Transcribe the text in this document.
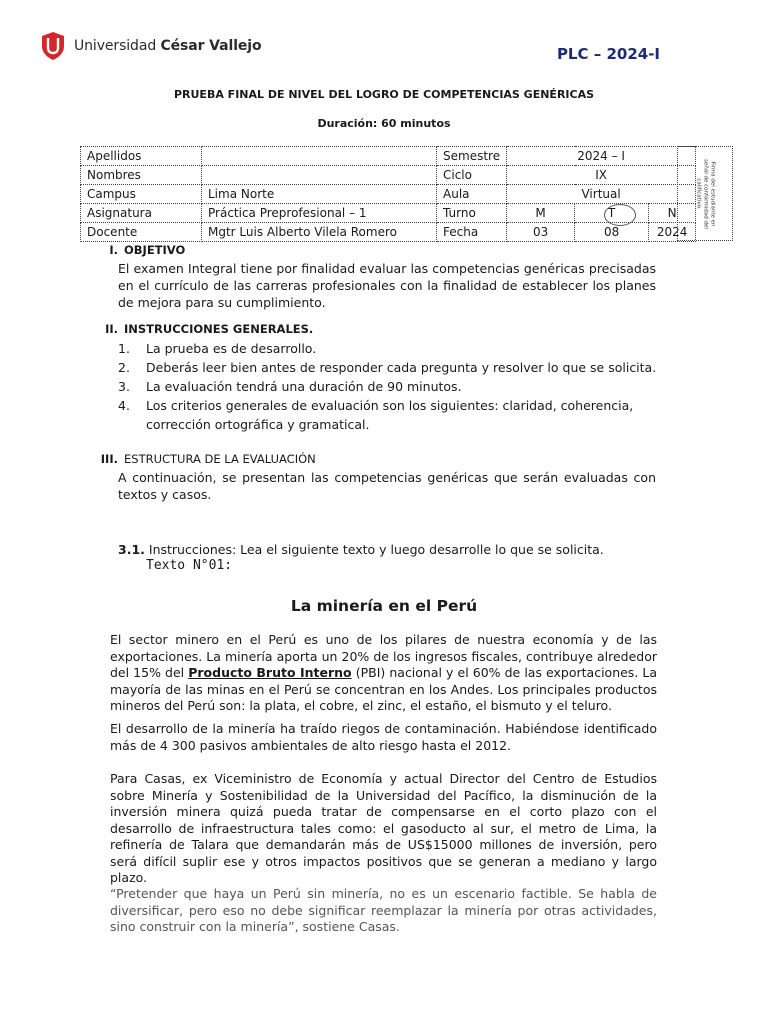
Universidad César Vallejo	PLC – 2024-I
PRUEBA FINAL DE NIVEL DEL LOGRO DE COMPETENCIAS GENÉRICAS
Duración: 60 minutos
Apellidos		Semestre	2024 – I		
Nombres		Ciclo	IX		
Campus	Lima Norte	Aula	Virtual		
Asignatura	Práctica Preprofesional – 1	Turno	M	T	N
Docente	Mgtr Luis Alberto Vilela Romero	Fecha	03	08	2024
Firma del estudiante en señal de conformidad del calificativo.
I. OBJETIVO
El examen Integral tiene por finalidad evaluar las competencias genéricas precisadas en el currículo de las carreras profesionales con la finalidad de establecer los planes de mejora para su cumplimiento.
II. INSTRUCCIONES GENERALES.
1. La prueba es de desarrollo.
2. Deberás leer bien antes de responder cada pregunta y resolver lo que se solicita.
3. La evaluación tendrá una duración de 90 minutos.
4. Los criterios generales de evaluación son los siguientes: claridad, coherencia, corrección ortográfica y gramatical.
III. ESTRUCTURA DE LA EVALUACIÓN
A continuación, se presentan las competencias genéricas que serán evaluadas con textos y casos.
3.1. Instrucciones: Lea el siguiente texto y luego desarrolle lo que se solicita.
Texto N°01:
La minería en el Perú
El sector minero en el Perú es uno de los pilares de nuestra economía y de las exportaciones. La minería aporta un 20% de los ingresos fiscales, contribuye alrededor del 15% del Producto Bruto Interno (PBI) nacional y el 60% de las exportaciones. La mayoría de las minas en el Perú se concentran en los Andes. Los principales productos mineros del Perú son: la plata, el cobre, el zinc, el estaño, el bismuto y el teluro.
El desarrollo de la minería ha traído riegos de contaminación. Habiéndose identificado más de 4 300 pasivos ambientales de alto riesgo hasta el 2012.
Para Casas, ex Viceministro de Economía y actual Director del Centro de Estudios sobre Minería y Sostenibilidad de la Universidad del Pacífico, la disminución de la inversión minera quizá pueda tratar de compensarse en el corto plazo con el desarrollo de infraestructura tales como: el gasoducto al sur, el metro de Lima, la refinería de Talara que demandarán más de US$15000 millones de inversión, pero será difícil suplir ese y otros impactos positivos que se generan a mediano y largo plazo.
“Pretender que haya un Perú sin minería, no es un escenario factible. Se habla de diversificar, pero eso no debe significar reemplazar la minería por otras actividades, sino construir con la minería”, sostiene Casas.
